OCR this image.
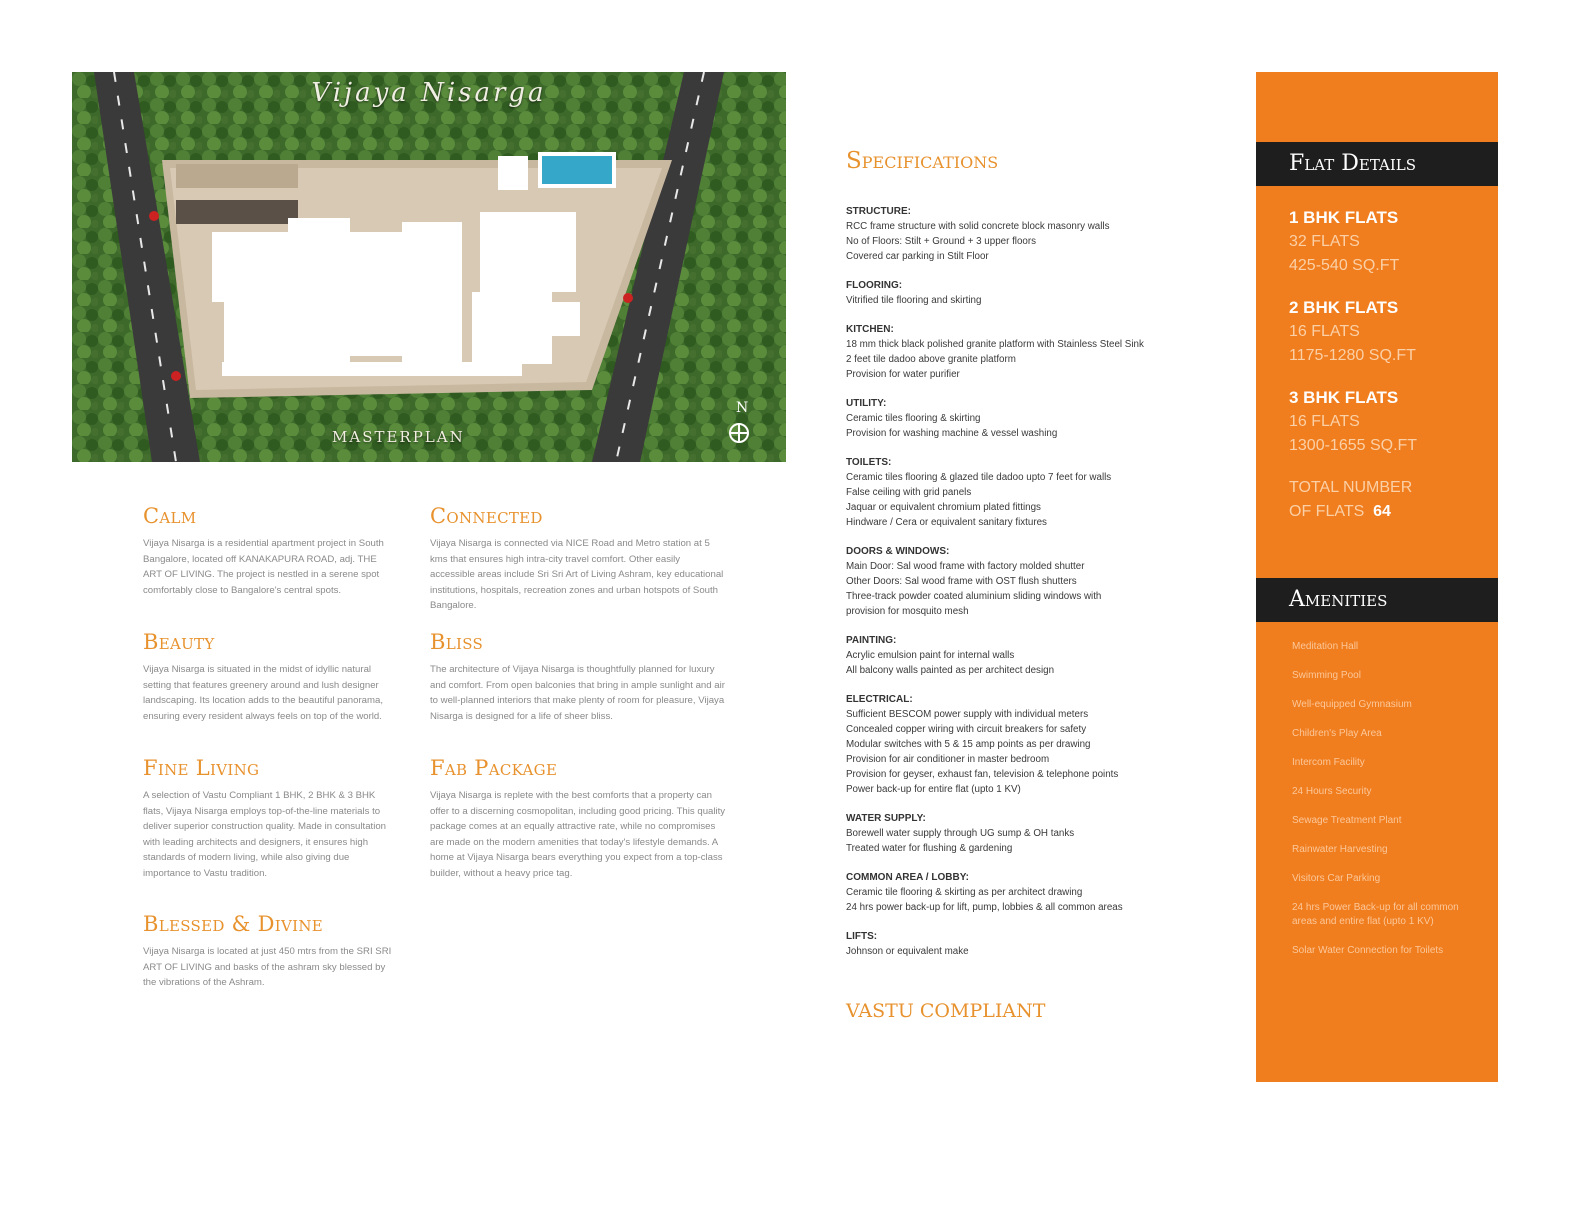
Vijaya Nisarga
MASTERPLAN
N
Calm

Vijaya Nisarga is a residential apartment project in South Bangalore, located off KANAKAPURA ROAD, adj. THE ART OF LIVING. The project is nestled in a serene spot comfortably close to Bangalore's central spots.

Connected

Vijaya Nisarga is connected via NICE Road and Metro station at 5 kms that ensures high intra-city travel comfort. Other easily accessible areas include Sri Sri Art of Living Ashram, key educational institutions, hospitals, recreation zones and urban hotspots of South Bangalore.

Beauty

Vijaya Nisarga is situated in the midst of idyllic natural setting that features greenery around and lush designer landscaping. Its location adds to the beautiful panorama, ensuring every resident always feels on top of the world.

Bliss

The architecture of Vijaya Nisarga is thoughtfully planned for luxury and comfort. From open balconies that bring in ample sunlight and air to well-planned interiors that make plenty of room for pleasure, Vijaya Nisarga is designed for a life of sheer bliss.

Fine Living

A selection of Vastu Compliant 1 BHK, 2 BHK & 3 BHK flats, Vijaya Nisarga employs top-of-the-line materials to deliver superior construction quality. Made in consultation with leading architects and designers, it ensures high standards of modern living, while also giving due importance to Vastu tradition.

Fab Package

Vijaya Nisarga is replete with the best comforts that a property can offer to a discerning cosmopolitan, including good pricing. This quality package comes at an equally attractive rate, while no compromises are made on the modern amenities that today's lifestyle demands. A home at Vijaya Nisarga bears everything you expect from a top-class builder, without a heavy price tag.

Blessed & Divine

Vijaya Nisarga is located at just 450 mtrs from the SRI SRI ART OF LIVING and basks of the ashram sky blessed by the vibrations of the Ashram.

Specifications
STRUCTURE:
RCC frame structure with solid concrete block masonry walls
No of Floors: Stilt + Ground + 3 upper floors
Covered car parking in Stilt Floor
FLOORING:
Vitrified tile flooring and skirting
KITCHEN:
18 mm thick black polished granite platform with Stainless Steel Sink
2 feet tile dadoo above granite platform
Provision for water purifier
UTILITY:
Ceramic tiles flooring & skirting
Provision for washing machine & vessel washing
TOILETS:
Ceramic tiles flooring & glazed tile dadoo upto 7 feet for walls
False ceiling with grid panels
Jaquar or equivalent chromium plated fittings
Hindware / Cera or equivalent sanitary fixtures
DOORS & WINDOWS:
Main Door: Sal wood frame with factory molded shutter
Other Doors: Sal wood frame with OST flush shutters
Three-track powder coated aluminium sliding windows with
provision for mosquito mesh
PAINTING:
Acrylic emulsion paint for internal walls
All balcony walls painted as per architect design
ELECTRICAL:
Sufficient BESCOM power supply with individual meters
Concealed copper wiring with circuit breakers for safety
Modular switches with 5 & 15 amp points as per drawing
Provision for air conditioner in master bedroom
Provision for geyser, exhaust fan, television & telephone points
Power back-up for entire flat (upto 1 KV)
WATER SUPPLY:
Borewell water supply through UG sump & OH tanks
Treated water for flushing & gardening
COMMON AREA / LOBBY:
Ceramic tile flooring & skirting as per architect drawing
24 hrs power back-up for lift, pump, lobbies & all common areas
LIFTS:
Johnson or equivalent make
VASTU COMPLIANT
Flat Details
1 BHK FLATS
32 FLATS
425-540 SQ.FT
2 BHK FLATS
16 FLATS
1175-1280 SQ.FT
3 BHK FLATS
16 FLATS
1300-1655 SQ.FT
TOTAL NUMBER
OF FLATS 64
Amenities
Meditation Hall
Swimming Pool
Well-equipped Gymnasium
Children's Play Area
Intercom Facility
24 Hours Security
Sewage Treatment Plant
Rainwater Harvesting
Visitors Car Parking
24 hrs Power Back-up for all common areas and entire flat (upto 1 KV)
Solar Water Connection for Toilets
